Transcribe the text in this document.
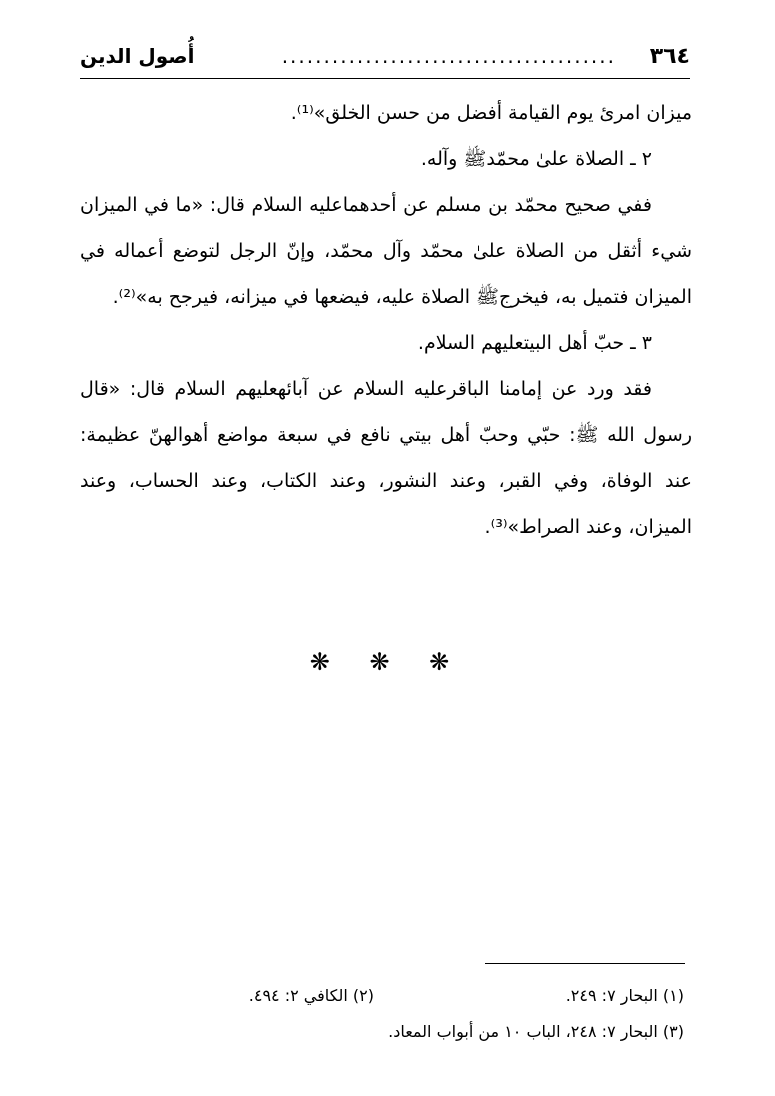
٣٦٤
........................................
أُصول الدين

ميزان امرئ يوم القيامة أفضل من حسن الخلق»⁽¹⁾.

٢ ـ الصلاة علىٰ محمّدﷺ وآله.

ففي صحيح محمّد بن مسلم عن أحدهماعليه السلام قال: «ما في الميزان شيء أثقل من الصلاة علىٰ محمّد وآل محمّد، وإنّ الرجل لتوضع أعماله في الميزان فتميل به، فيخرجﷺ الصلاة عليه، فيضعها في ميزانه، فيرجح به»⁽²⁾.

٣ ـ حبّ أهل البيتعليهم السلام.

فقد ورد عن إمامنا الباقرعليه السلام عن آبائهعليهم السلام قال: «قال رسول الله ﷺ: حبّي وحبّ أهل بيتي نافع في سبعة مواضع أهوالهنّ عظيمة: عند الوفاة، وفي القبر، وعند النشور، وعند الكتاب، وعند الحساب، وعند الميزان، وعند الصراط»⁽³⁾.

❋ ❋ ❋
(١) البحار ٧: ٢٤٩.
(٢) الكافي ٢: ٤٩٤.
(٣) البحار ٧: ٢٤٨، الباب ١٠ من أبواب المعاد.
